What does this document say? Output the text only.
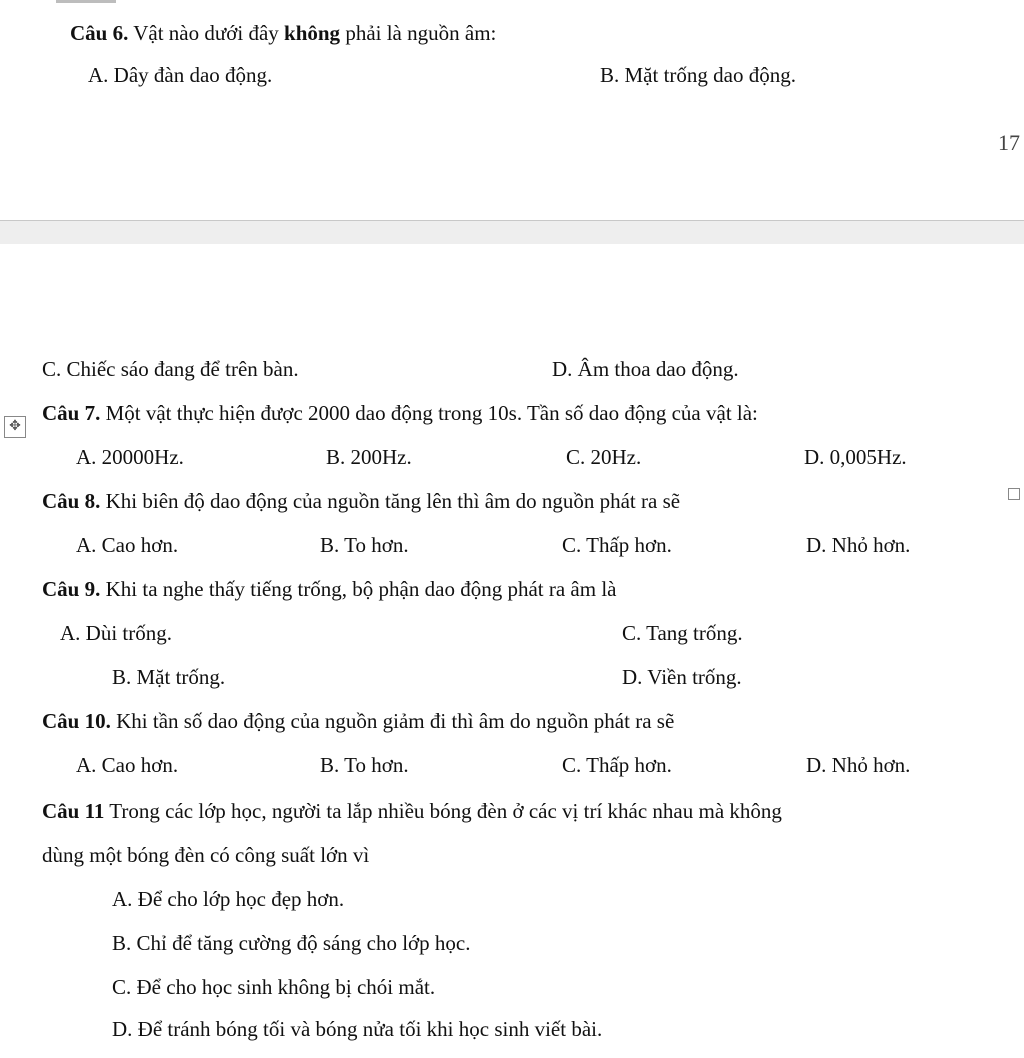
Câu 6. Vật nào dưới đây không phải là nguồn âm:
A. Dây đàn dao động.	B. Mặt trống dao động.
17
C. Chiếc sáo đang để trên bàn.	D. Âm thoa dao động.
✥
Câu 7. Một vật thực hiện được 2000 dao động trong 10s. Tần số dao động của vật là:
A. 20000Hz.	B. 200Hz.	C. 20Hz.	D. 0,005Hz.
Câu 8. Khi biên độ dao động của nguồn tăng lên thì âm do nguồn phát ra sẽ
A. Cao hơn.	B. To hơn.	C. Thấp hơn.	D. Nhỏ hơn.
Câu 9. Khi ta nghe thấy tiếng trống, bộ phận dao động phát ra âm là
A. Dùi trống.	C. Tang trống.
B. Mặt trống.	D. Viền trống.
Câu 10. Khi tần số dao động của nguồn giảm đi thì âm do nguồn phát ra sẽ
A. Cao hơn.	B. To hơn.	C. Thấp hơn.	D. Nhỏ hơn.
Câu 11 Trong các lớp học, người ta lắp nhiều bóng đèn ở các vị trí khác nhau mà không
dùng một bóng đèn có công suất lớn vì
A. Để cho lớp học đẹp hơn.
B. Chỉ để tăng cường độ sáng cho lớp học.
C. Để cho học sinh không bị chói mắt.
D. Để tránh bóng tối và bóng nửa tối khi học sinh viết bài.
